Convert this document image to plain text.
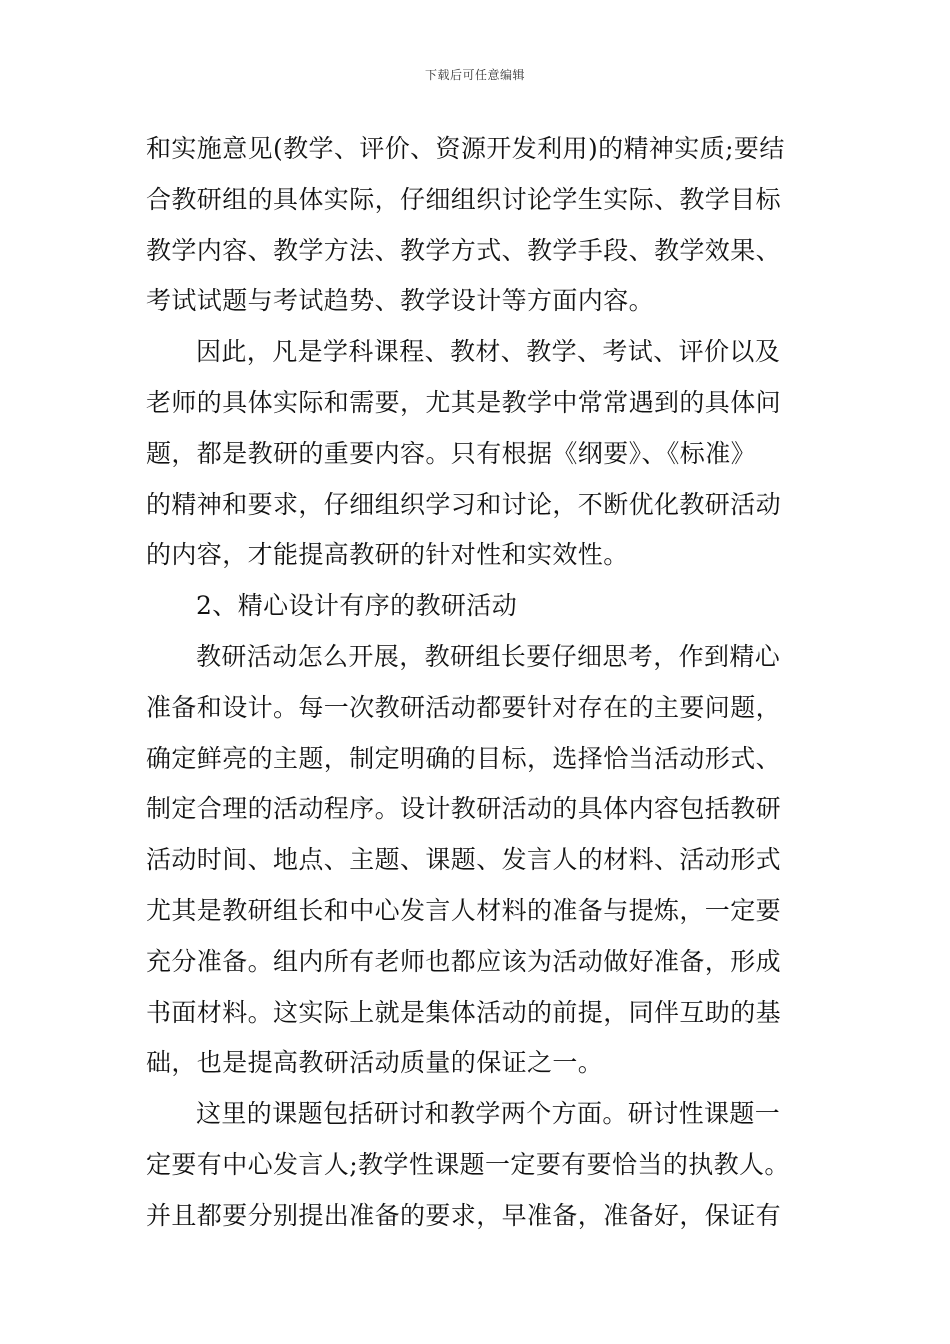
下载后可任意编辑

和实施意见(教学、评价、资源开发利用)的精神实质;要结
合教研组的具体实际，仔细组织讨论学生实际、教学目标
教学内容、教学方法、教学方式、教学手段、教学效果、
考试试题与考试趋势、教学设计等方面内容。

因此，凡是学科课程、教材、教学、考试、评价以及
老师的具体实际和需要，尤其是教学中常常遇到的具体问
题，都是教研的重要内容。只有根据《纲要》、《标准》
的精神和要求，仔细组织学习和讨论，不断优化教研活动
的内容，才能提高教研的针对性和实效性。

2、精心设计有序的教研活动

教研活动怎么开展，教研组长要仔细思考，作到精心
准备和设计。每一次教研活动都要针对存在的主要问题，
确定鲜亮的主题，制定明确的目标，选择恰当活动形式、
制定合理的活动程序。设计教研活动的具体内容包括教研
活动时间、地点、主题、课题、发言人的材料、活动形式
尤其是教研组长和中心发言人材料的准备与提炼，一定要
充分准备。组内所有老师也都应该为活动做好准备，形成
书面材料。这实际上就是集体活动的前提，同伴互助的基
础，也是提高教研活动质量的保证之一。

这里的课题包括研讨和教学两个方面。研讨性课题一
定要有中心发言人;教学性课题一定要有要恰当的执教人。
并且都要分别提出准备的要求，早准备，准备好，保证有
